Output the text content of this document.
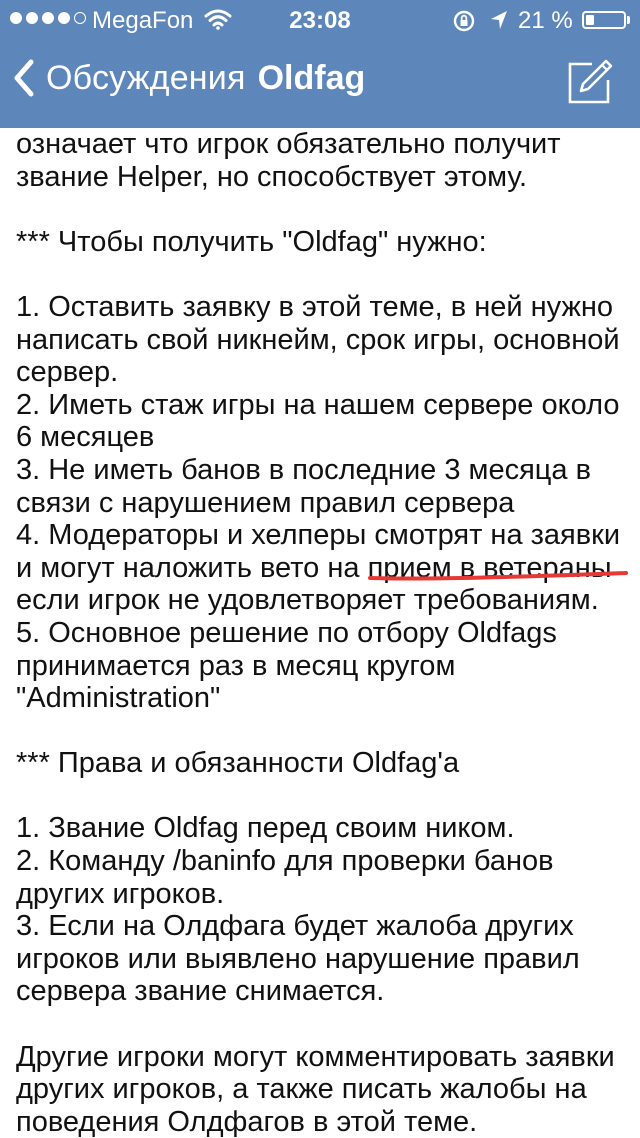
MegaFon	23:08	21 %
Обсуждения Oldfag
означает что игрок обязательно получит
звание Helper, но способствует этому.
*** Чтобы получить "Oldfag" нужно:
1. Оставить заявку в этой теме, в ней нужно
написать свой никнейм, срок игры, основной
сервер.
2. Иметь стаж игры на нашем сервере около
6 месяцев
3. Не иметь банов в последние 3 месяца в
связи с нарушением правил сервера
4. Модераторы и хелперы смотрят на заявки
и могут наложить вето на прием в ветераны
если игрок не удовлетворяет требованиям.
5. Основное решение по отбору Oldfags
принимается раз в месяц кругом
"Administration"
*** Права и обязанности Oldfag'a
1. Звание Oldfag перед своим ником.
2. Команду /baninfo для проверки банов
других игроков.
3. Если на Олдфага будет жалоба других
игроков или выявлено нарушение правил
сервера звание снимается.
Другие игроки могут комментировать заявки
других игроков, а также писать жалобы на
поведения Олдфагов в этой теме.
